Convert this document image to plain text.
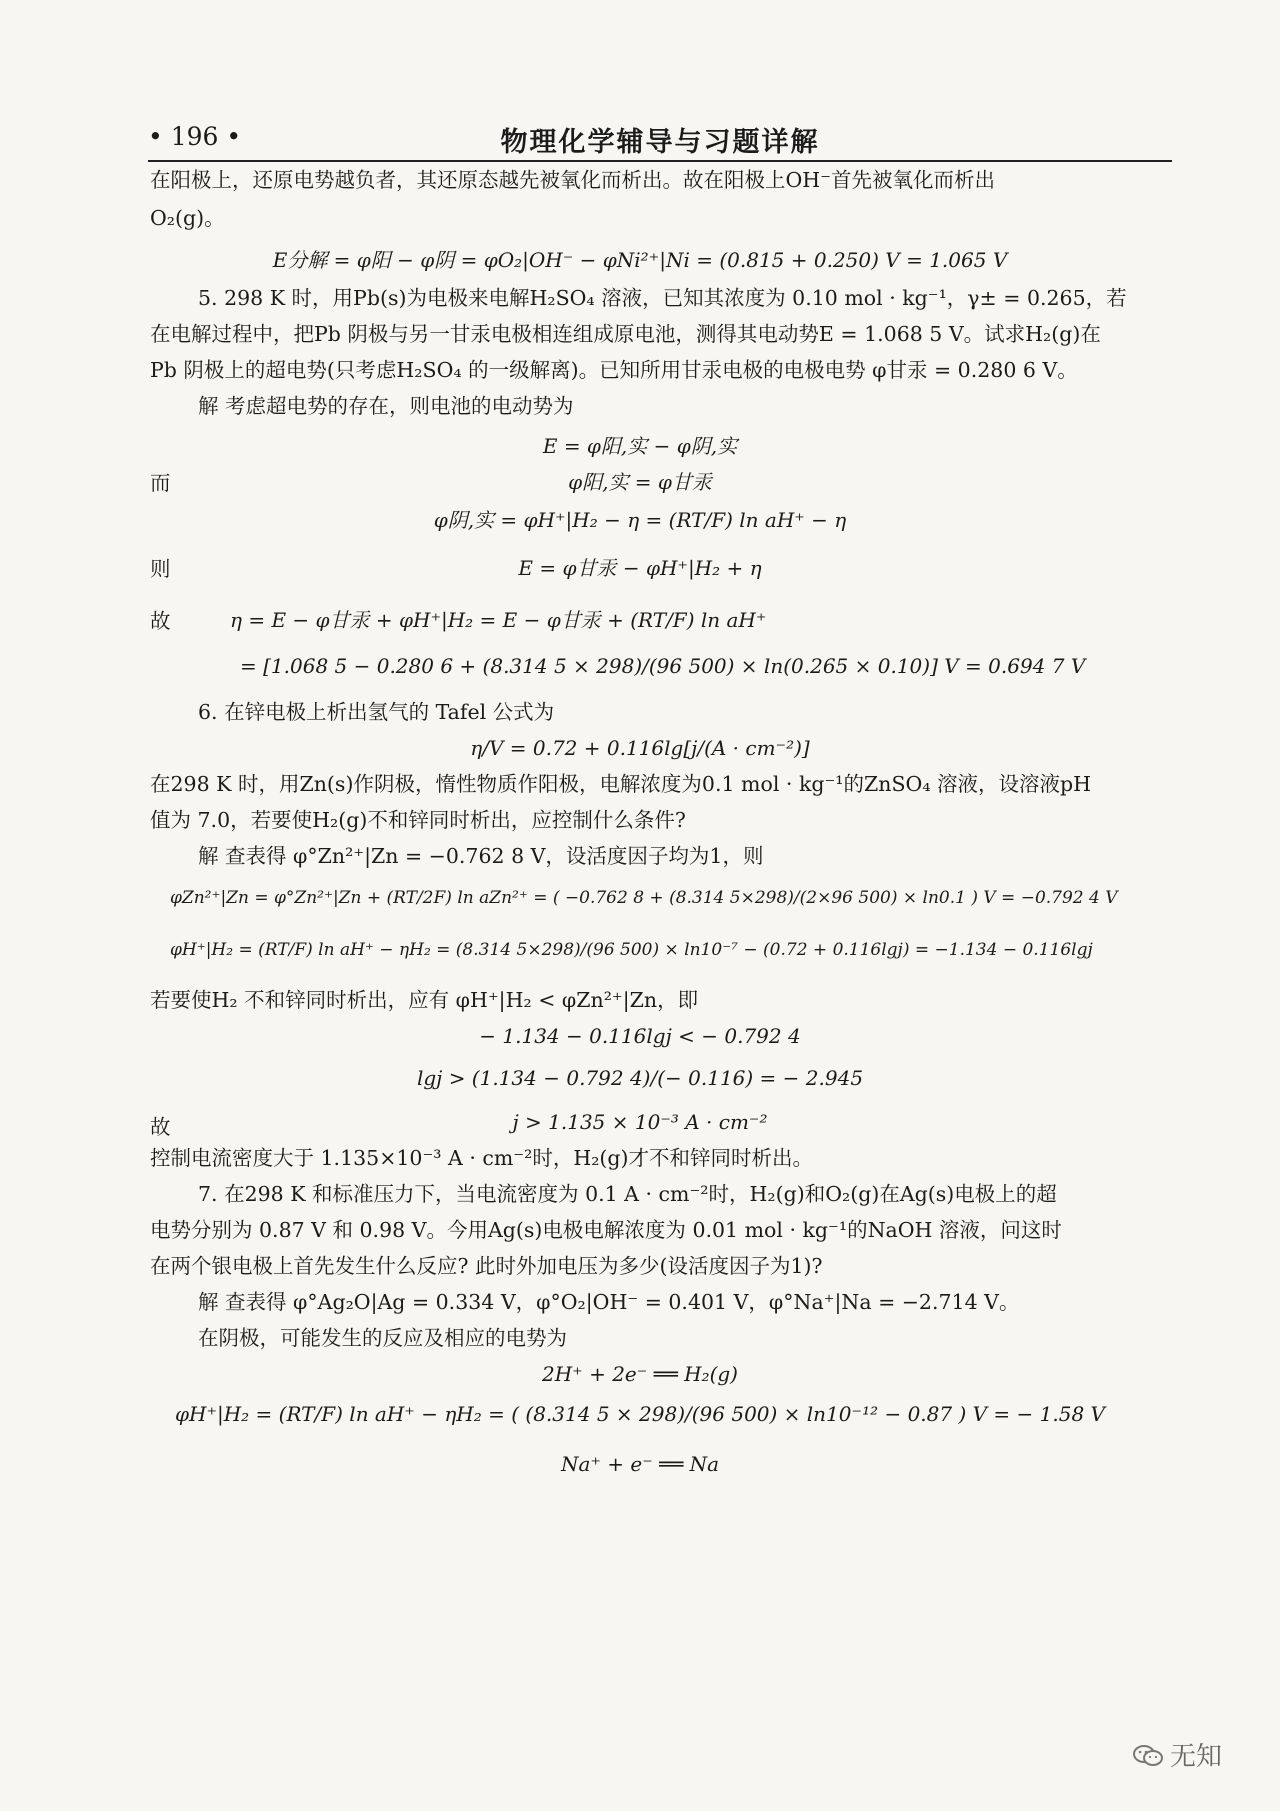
• 196 •	物理化学辅导与习题详解
在阳极上，还原电势越负者，其还原态越先被氧化而析出。故在阳极上OH⁻首先被氧化而析出
O₂(g)。
E分解 = φ阳 − φ阴 = φO₂|OH⁻ − φNi²⁺|Ni = (0.815 + 0.250) V = 1.065 V
5. 298 K 时，用Pb(s)为电极来电解H₂SO₄ 溶液，已知其浓度为 0.10 mol · kg⁻¹，γ± = 0.265，若
在电解过程中，把Pb 阴极与另一甘汞电极相连组成原电池，测得其电动势E = 1.068 5 V。试求H₂(g)在
Pb 阴极上的超电势(只考虑H₂SO₄ 的一级解离)。已知所用甘汞电极的电极电势 φ甘汞 = 0.280 6 V。
解 考虑超电势的存在，则电池的电动势为
E = φ阳,实 − φ阴,实
而	φ阳,实 = φ甘汞
φ阴,实 = φH⁺|H₂ − η = (RT/F) ln aH⁺ − η
则	E = φ甘汞 − φH⁺|H₂ + η
故	η = E − φ甘汞 + φH⁺|H₂ = E − φ甘汞 + (RT/F) ln aH⁺
= [1.068 5 − 0.280 6 + (8.314 5 × 298)/(96 500) × ln(0.265 × 0.10)] V = 0.694 7 V
6. 在锌电极上析出氢气的 Tafel 公式为
η/V = 0.72 + 0.116lg[j/(A · cm⁻²)]
在298 K 时，用Zn(s)作阴极，惰性物质作阳极，电解浓度为0.1 mol · kg⁻¹的ZnSO₄ 溶液，设溶液pH
值为 7.0，若要使H₂(g)不和锌同时析出，应控制什么条件?
解 查表得 φ°Zn²⁺|Zn = −0.762 8 V，设活度因子均为1，则
φZn²⁺|Zn = φ°Zn²⁺|Zn + (RT/2F) ln aZn²⁺ = ( −0.762 8 + (8.314 5×298)/(2×96 500) × ln0.1 ) V = −0.792 4 V
φH⁺|H₂ = (RT/F) ln aH⁺ − ηH₂ = (8.314 5×298)/(96 500) × ln10⁻⁷ − (0.72 + 0.116lgj) = −1.134 − 0.116lgj
若要使H₂ 不和锌同时析出，应有 φH⁺|H₂ < φZn²⁺|Zn，即
− 1.134 − 0.116lgj < − 0.792 4
lgj > (1.134 − 0.792 4)/(− 0.116) = − 2.945
故	j > 1.135 × 10⁻³ A · cm⁻²
控制电流密度大于 1.135×10⁻³ A · cm⁻²时，H₂(g)才不和锌同时析出。
7. 在298 K 和标准压力下，当电流密度为 0.1 A · cm⁻²时，H₂(g)和O₂(g)在Ag(s)电极上的超
电势分别为 0.87 V 和 0.98 V。今用Ag(s)电极电解浓度为 0.01 mol · kg⁻¹的NaOH 溶液，问这时
在两个银电极上首先发生什么反应? 此时外加电压为多少(设活度因子为1)?
解 查表得 φ°Ag₂O|Ag = 0.334 V，φ°O₂|OH⁻ = 0.401 V，φ°Na⁺|Na = −2.714 V。
在阴极，可能发生的反应及相应的电势为
2H⁺ + 2e⁻ ══ H₂(g)
φH⁺|H₂ = (RT/F) ln aH⁺ − ηH₂ = ( (8.314 5 × 298)/(96 500) × ln10⁻¹² − 0.87 ) V = − 1.58 V
Na⁺ + e⁻ ══ Na
无知
